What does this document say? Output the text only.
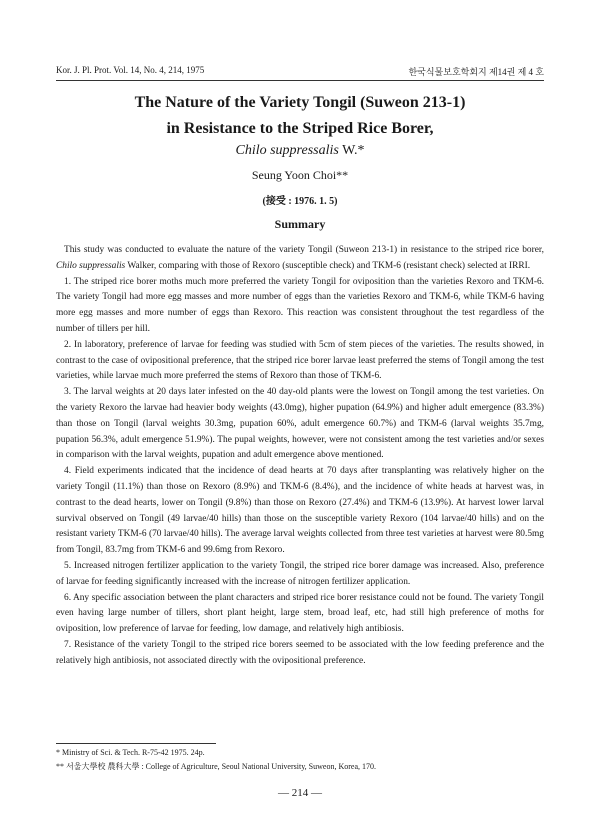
Kor. J. Pl. Prot. Vol. 14, No. 4, 214, 1975	한국식물보호학회지 제14권 제 4 호
The Nature of the Variety Tongil (Suweon 213-1)
in Resistance to the Striped Rice Borer,
Chilo suppressalis W.*
Seung Yoon Choi**
(接受 : 1976. 1. 5)
Summary

This study was conducted to evaluate the nature of the variety Tongil (Suweon 213-1) in resistance to the striped rice borer, Chilo suppressalis Walker, comparing with those of Rexoro (susceptible check) and TKM-6 (resistant check) selected at IRRI.

1. The striped rice borer moths much more preferred the variety Tongil for oviposition than the varieties Rexoro and TKM-6. The variety Tongil had more egg masses and more number of eggs than the varieties Rexoro and TKM-6, while TKM-6 having more egg masses and more number of eggs than Rexoro. This reaction was consistent throughout the test regardless of the number of tillers per hill.

2. In laboratory, preference of larvae for feeding was studied with 5cm of stem pieces of the varieties. The results showed, in contrast to the case of ovipositional preference, that the striped rice borer larvae least preferred the stems of Tongil among the test varieties, while larvae much more preferred the stems of Rexoro than those of TKM-6.

3. The larval weights at 20 days later infested on the 40 day-old plants were the lowest on Tongil among the test varieties. On the variety Rexoro the larvae had heavier body weights (43.0mg), higher pupation (64.9%) and higher adult emergence (83.3%) than those on Tongil (larval weights 30.3mg, pupation 60%, adult emergence 60.7%) and TKM-6 (larval weights 35.7mg, pupation 56.3%, adult emergence 51.9%). The pupal weights, however, were not consistent among the test varieties and/or sexes in comparison with the larval weights, pupation and adult emergence above mentioned.

4. Field experiments indicated that the incidence of dead hearts at 70 days after transplanting was relatively higher on the variety Tongil (11.1%) than those on Rexoro (8.9%) and TKM-6 (8.4%), and the incidence of white heads at harvest was, in contrast to the dead hearts, lower on Tongil (9.8%) than those on Rexoro (27.4%) and TKM-6 (13.9%). At harvest lower larval survival observed on Tongil (49 larvae/40 hills) than those on the susceptible variety Rexoro (104 larvae/40 hills) and on the resistant variety TKM-6 (70 larvae/40 hills). The average larval weights collected from three test varieties at harvest were 80.5mg from Tongil, 83.7mg from TKM-6 and 99.6mg from Rexoro.

5. Increased nitrogen fertilizer application to the variety Tongil, the striped rice borer damage was increased. Also, preference of larvae for feeding significantly increased with the increase of nitrogen fertilizer application.

6. Any specific association between the plant characters and striped rice borer resistance could not be found. The variety Tongil even having large number of tillers, short plant height, large stem, broad leaf, etc, had still high preference of moths for oviposition, low preference of larvae for feeding, low damage, and relatively high antibiosis.

7. Resistance of the variety Tongil to the striped rice borers seemed to be associated with the low feeding preference and the relatively high antibiosis, not associated directly with the ovipositional preference.

* Ministry of Sci. & Tech. R-75-42 1975. 24p.
** 서울大學校 農科大學 : College of Agriculture, Seoul National University, Suweon, Korea, 170.
— 214 —
